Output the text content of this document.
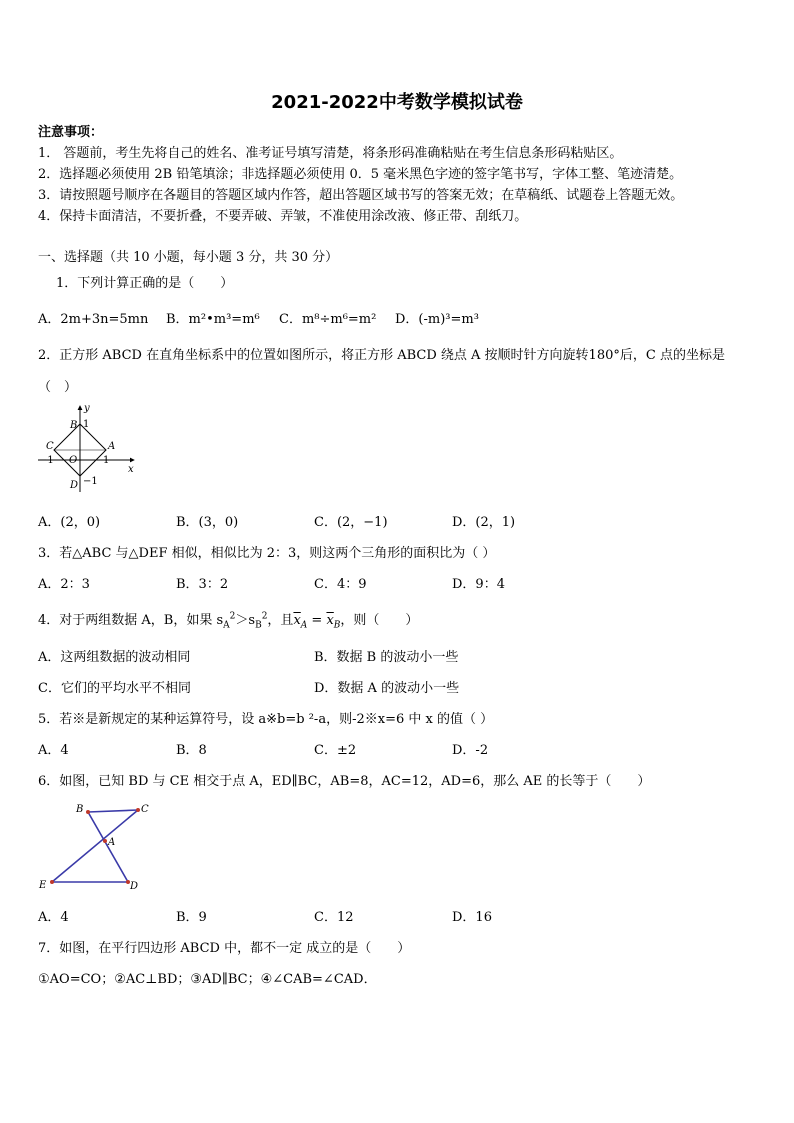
2021-2022中考数学模拟试卷
注意事项：
1． 答题前，考生先将自己的姓名、准考证号填写清楚，将条形码准确粘贴在考生信息条形码粘贴区。
2．选择题必须使用 2B 铅笔填涂；非选择题必须使用 0．5 毫米黑色字迹的签字笔书写，字体工整、笔迹清楚。
3．请按照题号顺序在各题目的答题区域内作答，超出答题区域书写的答案无效；在草稿纸、试题卷上答题无效。
4．保持卡面清洁，不要折叠，不要弄破、弄皱，不准使用涂改液、修正带、刮纸刀。
一、选择题（共 10 小题，每小题 3 分，共 30 分）
1．下列计算正确的是（　　）
A．2m+3n=5mn B．m²•m³=m⁶ C．m⁸÷m⁶=m² D．(-m)³=m³
2．正方形 ABCD 在直角坐标系中的位置如图所示，将正方形 ABCD 绕点 A 按顺时针方向旋转180°后，C 点的坐标是
（　）
y
x
B 1
C	A
−1 O	1
D −1
A．(2，0)	B．(3，0)	C．(2，−1)	D．(2，1)
3．若△ABC 与△DEF 相似，相似比为 2：3，则这两个三角形的面积比为（ ）
A．2：3	B．3：2	C．4：9	D．9：4
4．对于两组数据 A，B，如果 $s_A^2>s_B^2$，且$\overline{x}_A = \overline{x}_B$，则（　　）
A．这两组数据的波动相同	B．数据 B 的波动小一些
C．它们的平均水平不相同	D．数据 A 的波动小一些
5．若※是新规定的某种运算符号，设 a※b=b ²-a，则-2※x=6 中 x 的值（ ）
A．4	B．8	C．±2	D．-2
6．如图，已知 BD 与 CE 相交于点 A，ED∥BC，AB=8，AC=12，AD=6，那么 AE 的长等于（　　）
B	C
A
E	D
A．4	B．9	C．12	D．16
7．如图，在平行四边形 ABCD 中，都不一定 成立的是（　　）
①AO=CO；②AC⊥BD；③AD∥BC；④∠CAB=∠CAD．
